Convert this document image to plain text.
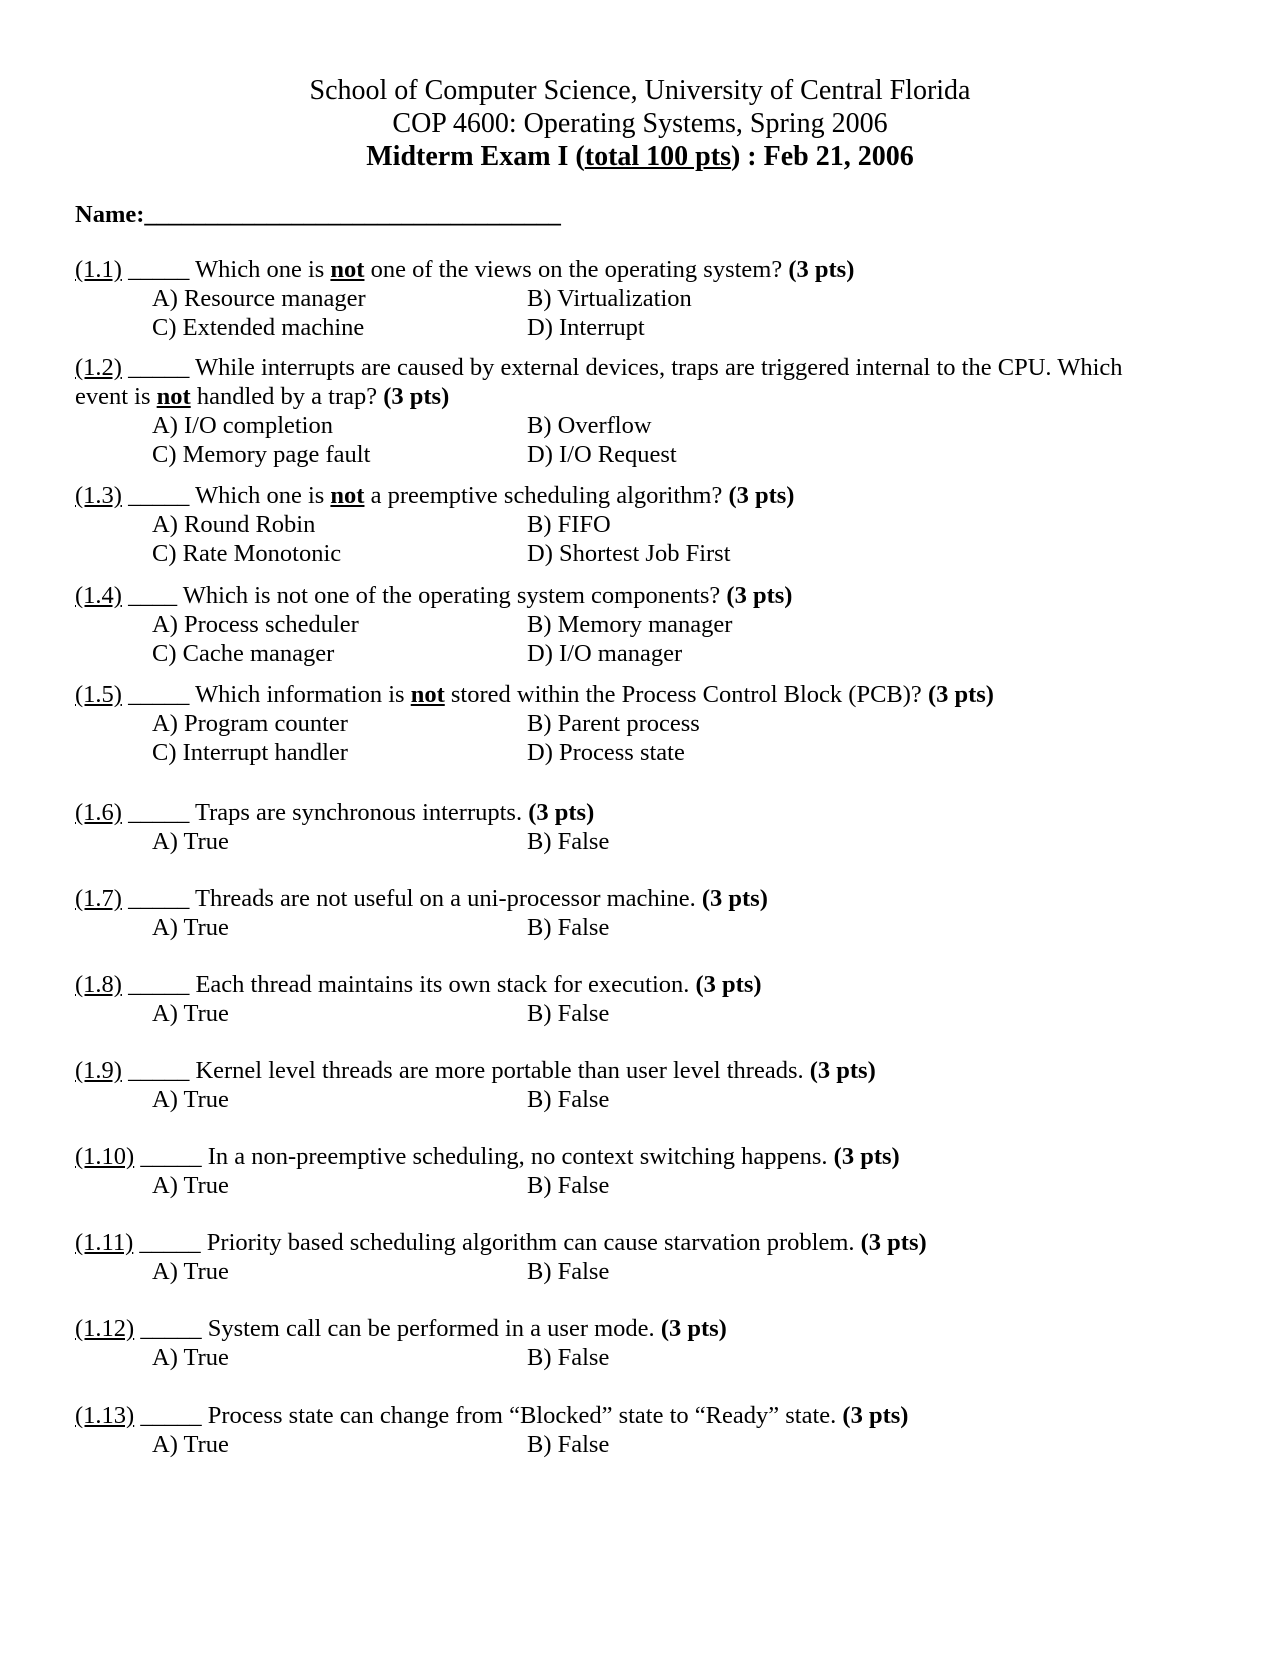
School of Computer Science, University of Central Florida
COP 4600: Operating Systems, Spring 2006
Midterm Exam I (total 100 pts) : Feb 21, 2006
Name:__________________________________
(1.1) _____ Which one is not one of the views on the operating system? (3 pts)
A) Resource manager	B) Virtualization
C) Extended machine	D) Interrupt
(1.2) _____ While interrupts are caused by external devices, traps are triggered internal to the CPU. Which event is not handled by a trap? (3 pts)
A) I/O completion	B) Overflow
C) Memory page fault	D) I/O Request
(1.3) _____ Which one is not a preemptive scheduling algorithm? (3 pts)
A) Round Robin	B) FIFO
C) Rate Monotonic	D) Shortest Job First
(1.4) ____ Which is not one of the operating system components? (3 pts)
A) Process scheduler	B) Memory manager
C) Cache manager	D) I/O manager
(1.5) _____ Which information is not stored within the Process Control Block (PCB)? (3 pts)
A) Program counter	B) Parent process
C) Interrupt handler	D) Process state
(1.6) _____ Traps are synchronous interrupts. (3 pts)
A) True	B) False
(1.7) _____ Threads are not useful on a uni-processor machine. (3 pts)
A) True	B) False
(1.8) _____ Each thread maintains its own stack for execution. (3 pts)
A) True	B) False
(1.9) _____ Kernel level threads are more portable than user level threads. (3 pts)
A) True	B) False
(1.10) _____ In a non-preemptive scheduling, no context switching happens. (3 pts)
A) True	B) False
(1.11) _____ Priority based scheduling algorithm can cause starvation problem. (3 pts)
A) True	B) False
(1.12) _____ System call can be performed in a user mode. (3 pts)
A) True	B) False
(1.13) _____ Process state can change from “Blocked” state to “Ready” state. (3 pts)
A) True	B) False
